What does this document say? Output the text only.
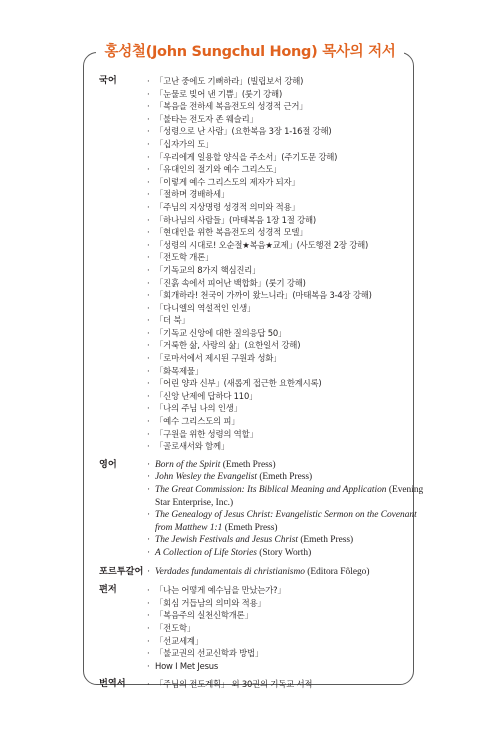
홍성철(John Sungchul Hong) 목사의 저서
국어	· 「고난 중에도 기뻐하라」(빌립보서 강해)
· 「눈물로 빚어 낸 기쁨」(룻기 강해)
· 「복음을 전하세 복음전도의 성경적 근거」
· 「불타는 전도자 존 웨슬리」
· 「성령으로 난 사람」(요한복음 3장 1-16절 강해)
· 「십자가의 도」
· 「우리에게 일용할 양식을 주소서」(주기도문 강해)
· 「유대인의 절기와 예수 그리스도」
· 「이렇게 예수 그리스도의 제자가 되자」
· 「절하며 경배하세」
· 「주님의 지상명령 성경적 의미와 적용」
· 「하나님의 사람들」(마태복음 1장 1절 강해)
· 「현대인을 위한 복음전도의 성경적 모델」
· 「성령의 시대로! 오순절★복음★교제」(사도행전 2장 강해)
· 「전도학 개론」
· 「기독교의 8가지 핵심진리」
· 「진흙 속에서 피어난 백합화」(룻기 강해)
· 「회개하라! 천국이 가까이 왔느니라」(마태복음 3-4장 강해)
· 「다니엘의 역설적인 인생」
· 「더 북」
· 「기독교 신앙에 대한 질의응답 50」
· 「거룩한 삶, 사랑의 삶」(요한일서 강해)
· 「로마서에서 제시된 구원과 성화」
· 「화목제물」
· 「어린 양과 신부」(새롭게 접근한 요한계시록)
· 「신앙 난제에 답하다 110」
· 「나의 주님 나의 인생」
· 「예수 그리스도의 피」
· 「구원을 위한 성령의 역할」
· 「골로새서와 함께」
영어	· Born of the Spirit (Emeth Press)
· John Wesley the Evangelist (Emeth Press)
· The Great Commission: Its Biblical Meaning and Application (Evening Star Enterprise, Inc.)
· The Genealogy of Jesus Christ: Evangelistic Sermon on the Covenant from Matthew 1:1 (Emeth Press)
· The Jewish Festivals and Jesus Christ (Emeth Press)
· A Collection of Life Stories (Story Worth)
포르투갈어	· Verdades fundamentais di christianismo (Editora Fôlego)
편저	· 「나는 어떻게 예수님을 만났는가?」
· 「회심 거듭남의 의미와 적용」
· 「복음주의 실천신학개론」
· 「전도학」
· 「선교세계」
· 「불교권의 선교신학과 방법」
· How I Met Jesus
번역서	· 「주님의 전도계획」 외 30권의 기독교 서적
